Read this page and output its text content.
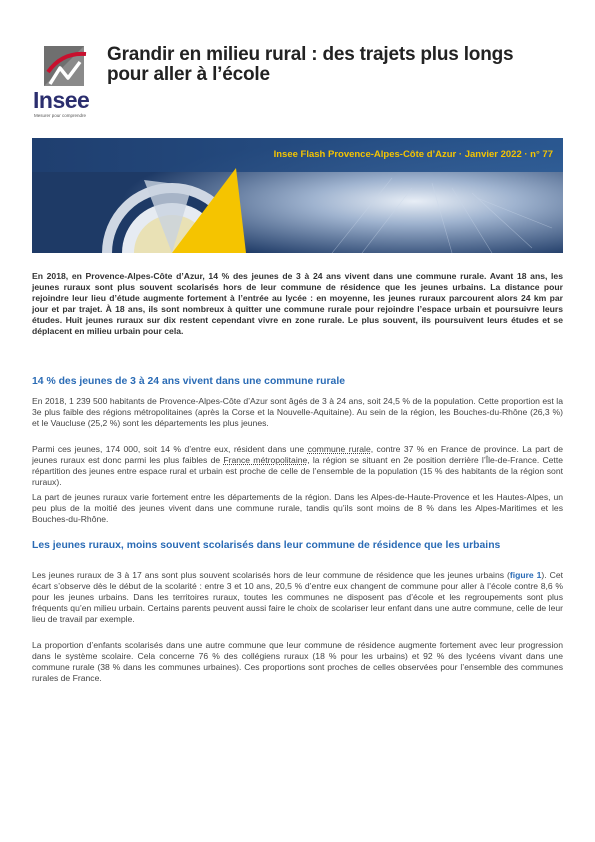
Insee
Mesurer pour comprendre
Grandir en milieu rural : des trajets plus longs pour aller à l’école
Insee Flash Provence-Alpes-Côte d’Azur · Janvier 2022 · n° 77

En 2018, en Provence-Alpes-Côte d’Azur, 14 % des jeunes de 3 à 24 ans vivent dans une commune rurale. Avant 18 ans, les jeunes ruraux sont plus souvent scolarisés hors de leur commune de résidence que les jeunes urbains. La distance pour rejoindre leur lieu d’étude augmente fortement à l’entrée au lycée : en moyenne, les jeunes ruraux parcourent alors 24 km par jour et par trajet. À 18 ans, ils sont nombreux à quitter une commune rurale pour rejoindre l’espace urbain et poursuivre leurs études. Huit jeunes ruraux sur dix restent cependant vivre en zone rurale. Le plus souvent, ils poursuivent leurs études et se déplacent en milieu urbain pour cela.

14 % des jeunes de 3 à 24 ans vivent dans une commune rurale

En 2018, 1 239 500 habitants de Provence-Alpes-Côte d’Azur sont âgés de 3 à 24 ans, soit 24,5 % de la population. Cette proportion est la 3e plus faible des régions métropolitaines (après la Corse et la Nouvelle-Aquitaine). Au sein de la région, les Bouches-du-Rhône (26,3 %) et le Vaucluse (25,2 %) sont les départements les plus jeunes.

Parmi ces jeunes, 174 000, soit 14 % d’entre eux, résident dans une commune rurale, contre 37 % en France de province. La part de jeunes ruraux est donc parmi les plus faibles de France métropolitaine, la région se situant en 2e position derrière l’Île-de-France. Cette répartition des jeunes entre espace rural et urbain est proche de celle de l’ensemble de la population (15 % des habitants de la région sont ruraux).

La part de jeunes ruraux varie fortement entre les départements de la région. Dans les Alpes-de-Haute-Provence et les Hautes-Alpes, un peu plus de la moitié des jeunes vivent dans une commune rurale, tandis qu’ils sont moins de 8 % dans les Alpes-Maritimes et les Bouches-du-Rhône.

Les jeunes ruraux, moins souvent scolarisés dans leur commune de résidence que les urbains

Les jeunes ruraux de 3 à 17 ans sont plus souvent scolarisés hors de leur commune de résidence que les jeunes urbains (figure 1). Cet écart s’observe dès le début de la scolarité : entre 3 et 10 ans, 20,5 % d’entre eux changent de commune pour aller à l’école contre 8,6 % pour les jeunes urbains. Dans les territoires ruraux, toutes les communes ne disposent pas d’école et les regroupements sont plus fréquents qu’en milieu urbain. Certains parents peuvent aussi faire le choix de scolariser leur enfant dans une autre commune, celle de leur lieu de travail par exemple.

La proportion d’enfants scolarisés dans une autre commune que leur commune de résidence augmente fortement avec leur progression dans le système scolaire. Cela concerne 76 % des collégiens ruraux (18 % pour les urbains) et 92 % des lycéens vivant dans une commune rurale (38 % dans les communes urbaines). Ces proportions sont proches de celles observées pour l’ensemble des communes rurales de France.
